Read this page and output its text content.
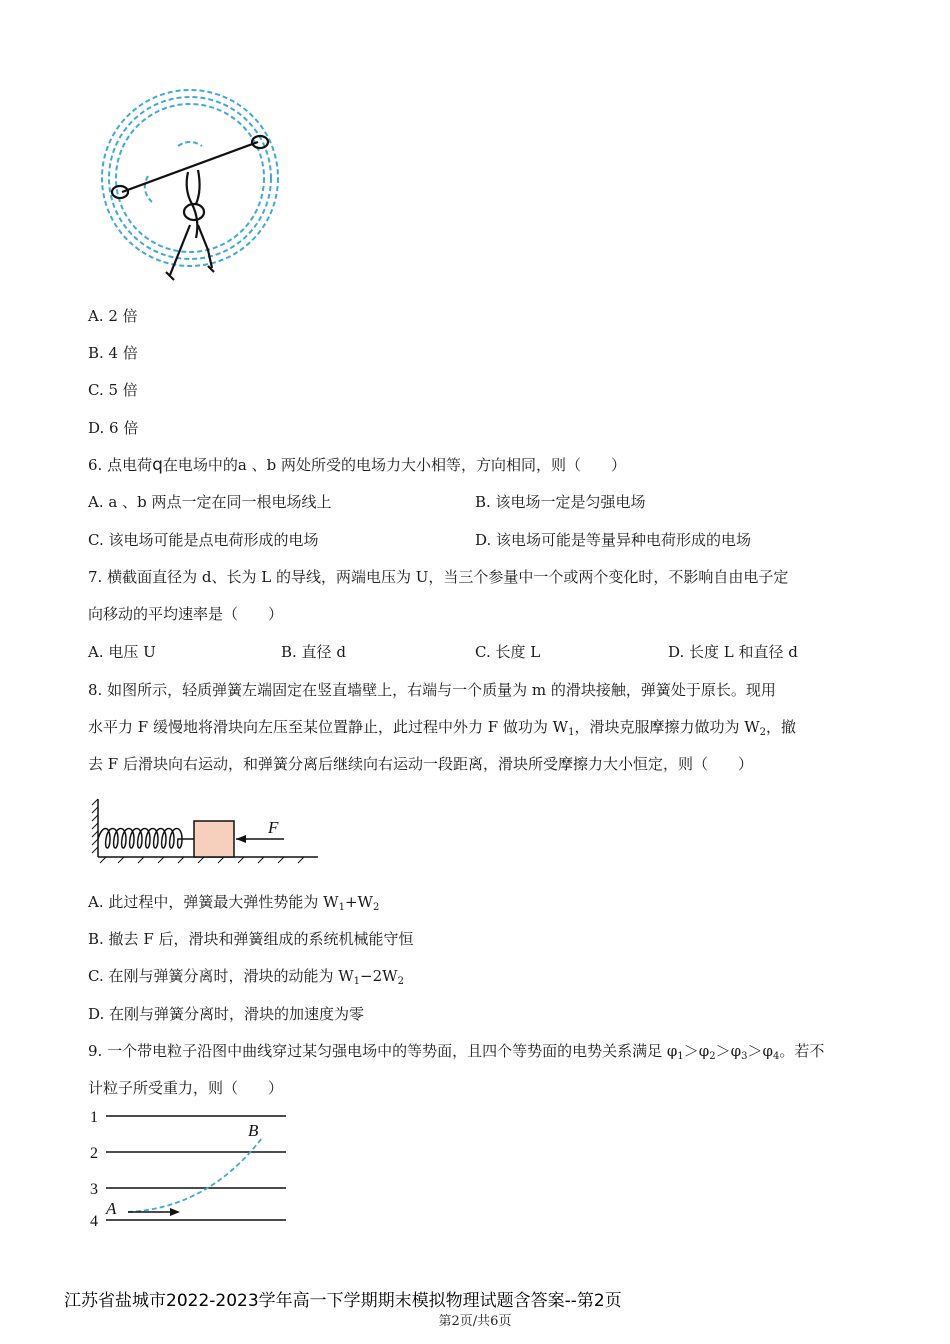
A. 2 倍
B. 4 倍
C. 5 倍
D. 6 倍
6. 点电荷q在电场中的a 、b 两处所受的电场力大小相等，方向相同，则（　　）
A. a 、b 两点一定在同一根电场线上	B. 该电场一定是匀强电场
C. 该电场可能是点电荷形成的电场	D. 该电场可能是等量异种电荷形成的电场
7. 横截面直径为 d、长为 L 的导线，两端电压为 U，当三个参量中一个或两个变化时，不影响自由电子定
向移动的平均速率是（　　）
A. 电压 U	B. 直径 d	C. 长度 L	D. 长度 L 和直径 d
8. 如图所示，轻质弹簧左端固定在竖直墙壁上，右端与一个质量为 m 的滑块接触，弹簧处于原长。现用
水平力 F 缓慢地将滑块向左压至某位置静止，此过程中外力 F 做功为 $W_1$，滑块克服摩擦力做功为 $W_2$，撤
去 F 后滑块向右运动，和弹簧分离后继续向右运动一段距离，滑块所受摩擦力大小恒定，则（　　）
F
A. 此过程中，弹簧最大弹性势能为 $W_1+W_2$
B. 撤去 F 后，滑块和弹簧组成的系统机械能守恒
C. 在刚与弹簧分离时，滑块的动能为 $W_1-2W_2$
D. 在刚与弹簧分离时，滑块的加速度为零
9. 一个带电粒子沿图中曲线穿过某匀强电场中的等势面，且四个等势面的电势关系满足 $\varphi_1>\varphi_2>\varphi_3>\varphi_4$。若不
计粒子所受重力，则（　　）
1
2
3
4
B
A
江苏省盐城市2022-2023学年高一下学期期末模拟物理试题含答案--第2页
第2页/共6页
